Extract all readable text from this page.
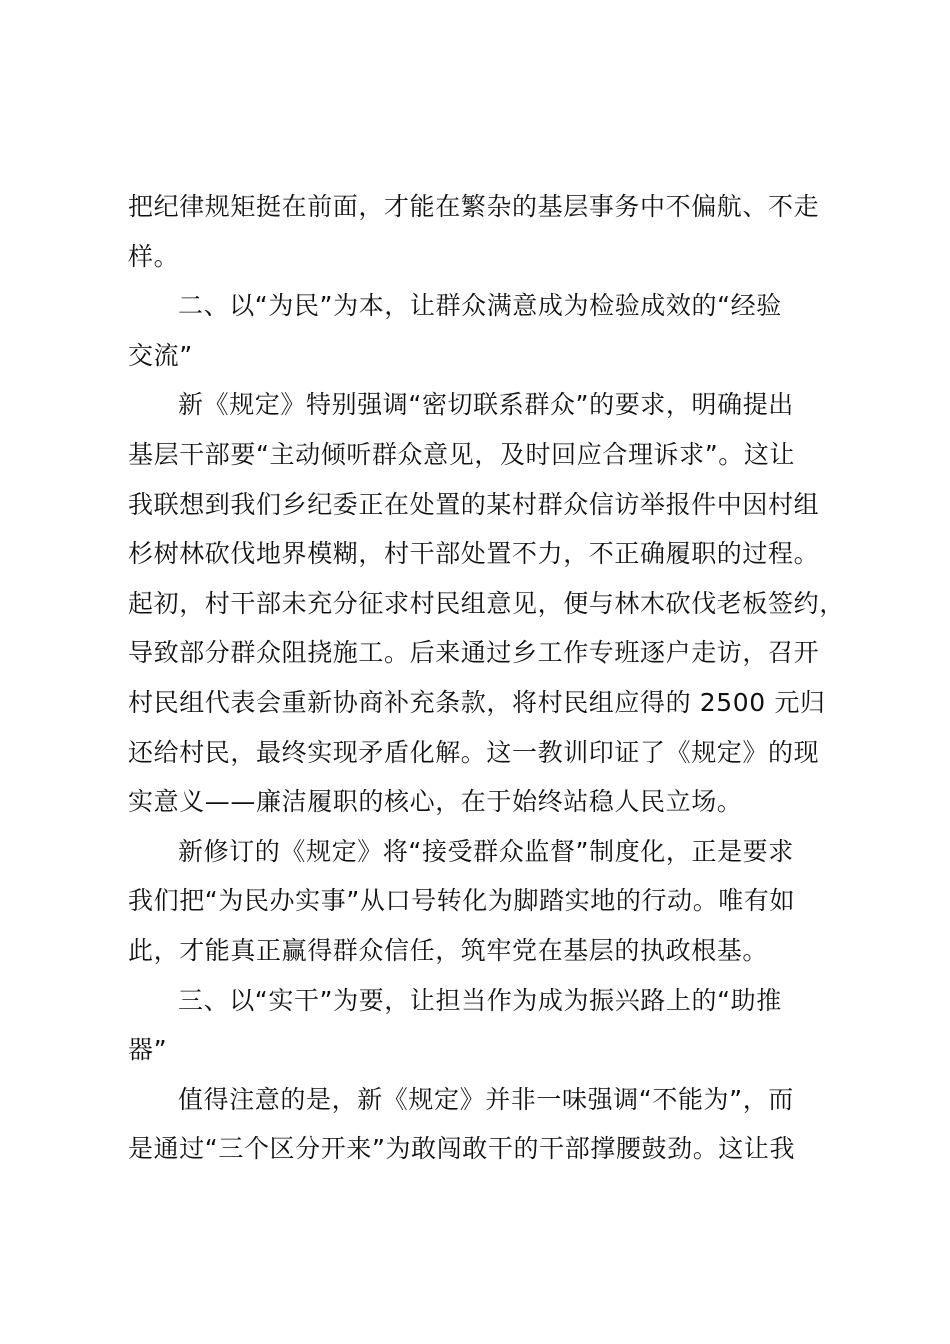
把纪律规矩挺在前面，才能在繁杂的基层事务中不偏航、不走
样。
二、以“为民”为本，让群众满意成为检验成效的“经验
交流”
新《规定》特别强调“密切联系群众”的要求，明确提出
基层干部要“主动倾听群众意见，及时回应合理诉求”。这让
我联想到我们乡纪委正在处置的某村群众信访举报件中因村组
杉树林砍伐地界模糊，村干部处置不力，不正确履职的过程。
起初，村干部未充分征求村民组意见，便与林木砍伐老板签约，
导致部分群众阻挠施工。后来通过乡工作专班逐户走访，召开
村民组代表会重新协商补充条款，将村民组应得的 2500 元归
还给村民，最终实现矛盾化解。这一教训印证了《规定》的现
实意义——廉洁履职的核心，在于始终站稳人民立场。
新修订的《规定》将“接受群众监督”制度化，正是要求
我们把“为民办实事”从口号转化为脚踏实地的行动。唯有如
此，才能真正赢得群众信任，筑牢党在基层的执政根基。
三、以“实干”为要，让担当作为成为振兴路上的“助推
器”
值得注意的是，新《规定》并非一味强调“不能为”，而
是通过“三个区分开来”为敢闯敢干的干部撑腰鼓劲。这让我
